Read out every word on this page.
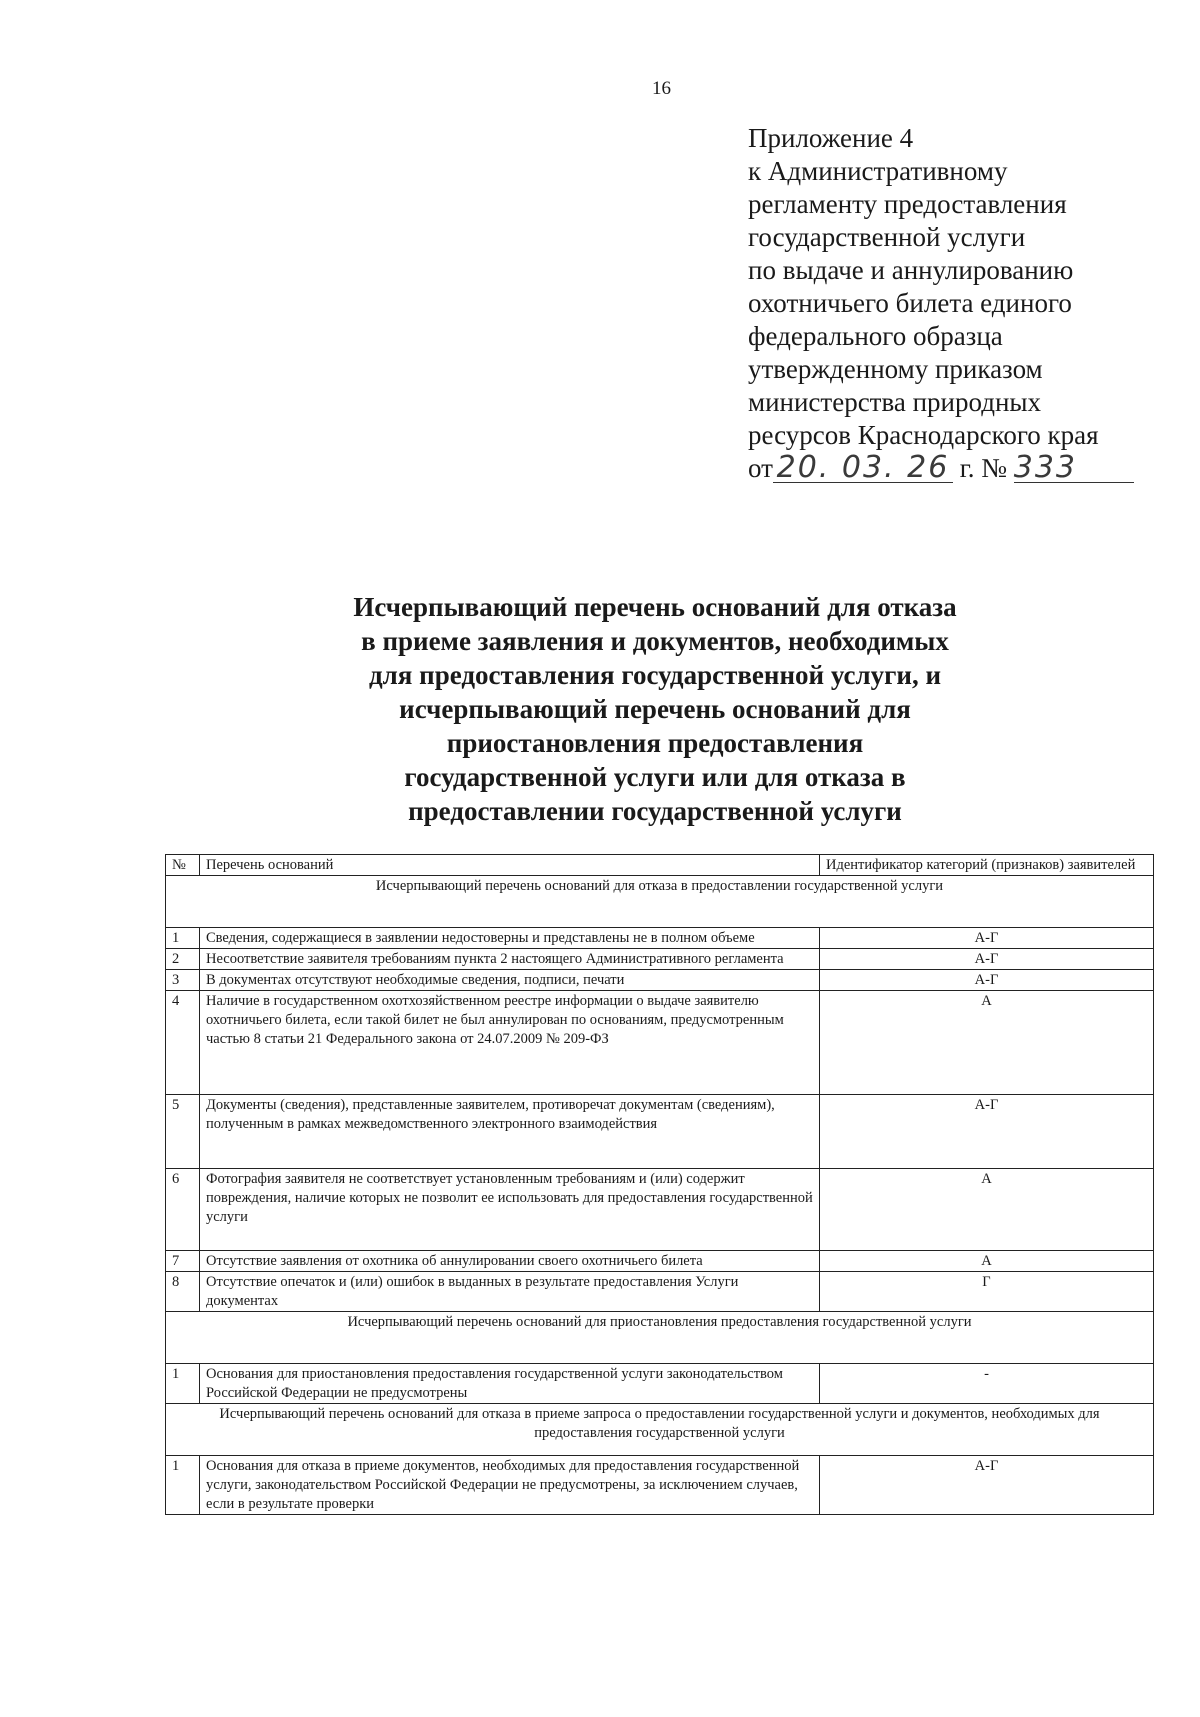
16
Приложение 4
к Административному
регламенту предоставления
государственной услуги
по выдаче и аннулированию
охотничьего билета единого
федерального образца
утвержденному приказом
министерства природных
ресурсов Краснодарского края
от 20. 03. 26 г. № 333
Исчерпывающий перечень оснований для отказа
в приеме заявления и документов, необходимых
для предоставления государственной услуги, и
исчерпывающий перечень оснований для
приостановления предоставления
государственной услуги или для отказа в
предоставлении государственной услуги
№	Перечень оснований	Идентификатор категорий (признаков) заявителей
Исчерпывающий перечень оснований для отказа в предоставлении государственной услуги		
1	Сведения, содержащиеся в заявлении недостоверны и представлены не в полном объеме	А-Г
2	Несоответствие заявителя требованиям пункта 2 настоящего Административного регламента	А-Г
3	В документах отсутствуют необходимые сведения, подписи, печати	А-Г
4	Наличие в государственном охотхозяйственном реестре информации о выдаче заявителю охотничьего билета, если такой билет не был аннулирован по основаниям, предусмотренным частью 8 статьи 21 Федерального закона от 24.07.2009 № 209-ФЗ	А
5	Документы (сведения), представленные заявителем, противоречат документам (сведениям), полученным в рамках межведомственного электронного взаимодействия	А-Г
6	Фотография заявителя не соответствует установленным требованиям и (или) содержит повреждения, наличие которых не позволит ее использовать для предоставления государственной услуги	А
7	Отсутствие заявления от охотника об аннулировании своего охотничьего билета	А
8	Отсутствие опечаток и (или) ошибок в выданных в результате предоставления Услуги документах	Г
Исчерпывающий перечень оснований для приостановления предоставления государственной услуги		
1	Основания для приостановления предоставления государственной услуги законодательством Российской Федерации не предусмотрены	-
Исчерпывающий перечень оснований для отказа в приеме запроса о предоставлении государственной услуги и документов, необходимых для предоставления государственной услуги		
1	Основания для отказа в приеме документов, необходимых для предоставления государственной услуги, законодательством Российской Федерации не предусмотрены, за исключением случаев, если в результате проверки	А-Г
